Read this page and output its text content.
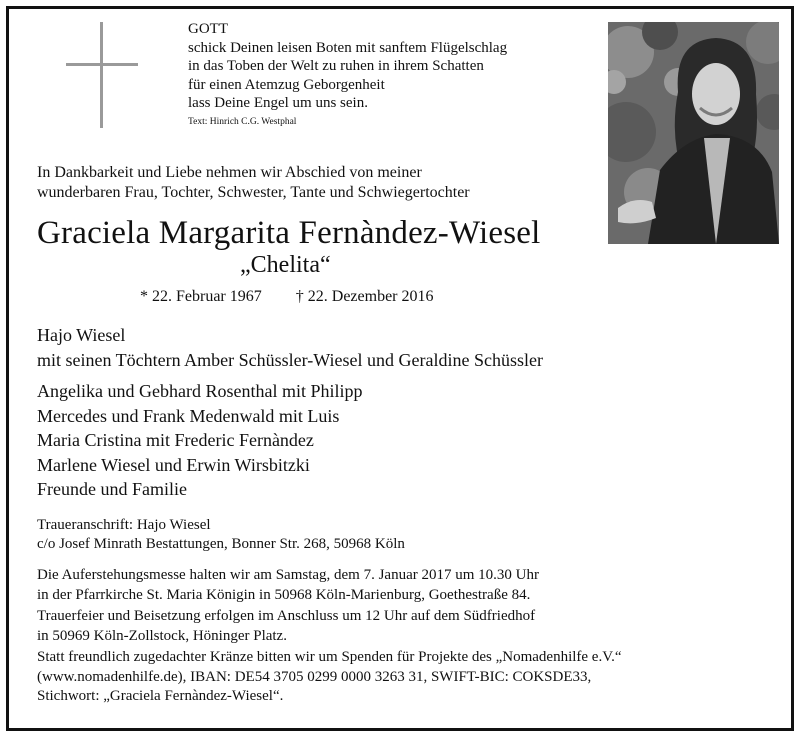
GOTT
schick Deinen leisen Boten mit sanftem Flügelschlag
in das Toben der Welt zu ruhen in ihrem Schatten
für einen Atemzug Geborgenheit
lass Deine Engel um uns sein.
Text: Hinrich C.G. Westphal
In Dankbarkeit und Liebe nehmen wir Abschied von meiner
wunderbaren Frau, Tochter, Schwester, Tante und Schwiegertochter
Graciela Margarita Fernàndez-Wiesel
„Chelita“
* 22. Februar 1967 † 22. Dezember 2016
Hajo Wiesel
mit seinen Töchtern Amber Schüssler-Wiesel und Geraldine Schüssler
Angelika und Gebhard Rosenthal mit Philipp
Mercedes und Frank Medenwald mit Luis
Maria Cristina mit Frederic Fernàndez
Marlene Wiesel und Erwin Wirsbitzki
Freunde und Familie
Traueranschrift: Hajo Wiesel
c/o Josef Minrath Bestattungen, Bonner Str. 268, 50968 Köln
Die Auferstehungsmesse halten wir am Samstag, dem 7. Januar 2017 um 10.30 Uhr
in der Pfarrkirche St. Maria Königin in 50968 Köln-Marienburg, Goethestraße 84.
Trauerfeier und Beisetzung erfolgen im Anschluss um 12 Uhr auf dem Südfriedhof
in 50969 Köln-Zollstock, Höninger Platz.
Statt freundlich zugedachter Kränze bitten wir um Spenden für Projekte des „Nomadenhilfe e.V.“
(www.nomadenhilfe.de), IBAN: DE54 3705 0299 0000 3263 31, SWIFT-BIC: COKSDE33,
Stichwort: „Graciela Fernàndez-Wiesel“.
